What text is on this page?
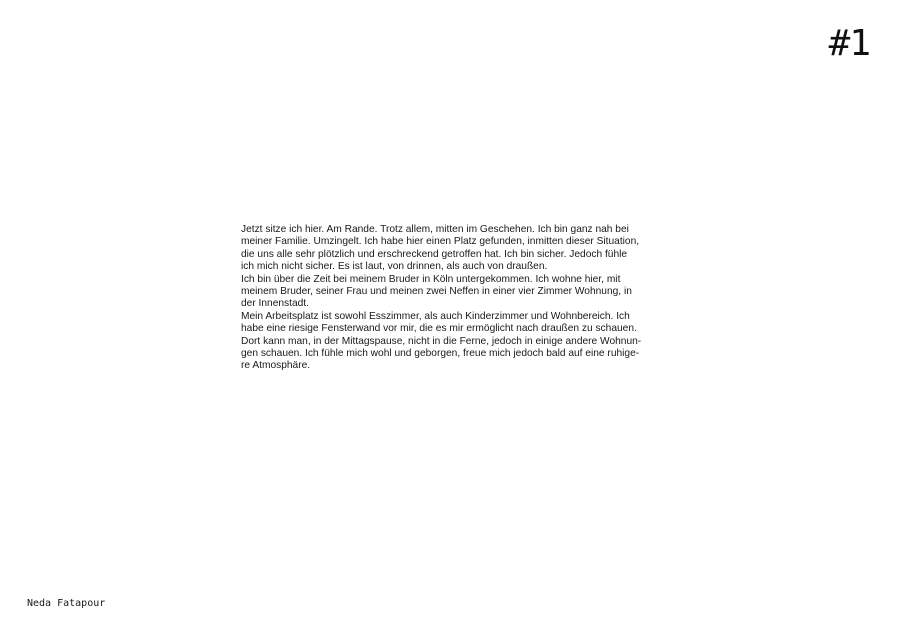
#1
Jetzt sitze ich hier. Am Rande. Trotz allem, mitten im Geschehen. Ich bin ganz nah bei
meiner Familie. Umzingelt. Ich habe hier einen Platz gefunden, inmitten dieser Situation,
die uns alle sehr plötzlich und erschreckend getroffen hat. Ich bin sicher. Jedoch fühle
ich mich nicht sicher. Es ist laut, von drinnen, als auch von draußen.
Ich bin über die Zeit bei meinem Bruder in Köln untergekommen. Ich wohne hier, mit
meinem Bruder, seiner Frau und meinen zwei Neffen in einer vier Zimmer Wohnung, in
der Innenstadt.
Mein Arbeitsplatz ist sowohl Esszimmer, als auch Kinderzimmer und Wohnbereich. Ich
habe eine riesige Fensterwand vor mir, die es mir ermöglicht nach draußen zu schauen.
Dort kann man, in der Mittagspause, nicht in die Ferne, jedoch in einige andere Wohnun-
gen schauen. Ich fühle mich wohl und geborgen, freue mich jedoch bald auf eine ruhige-
re Atmosphäre.
Neda Fatapour
